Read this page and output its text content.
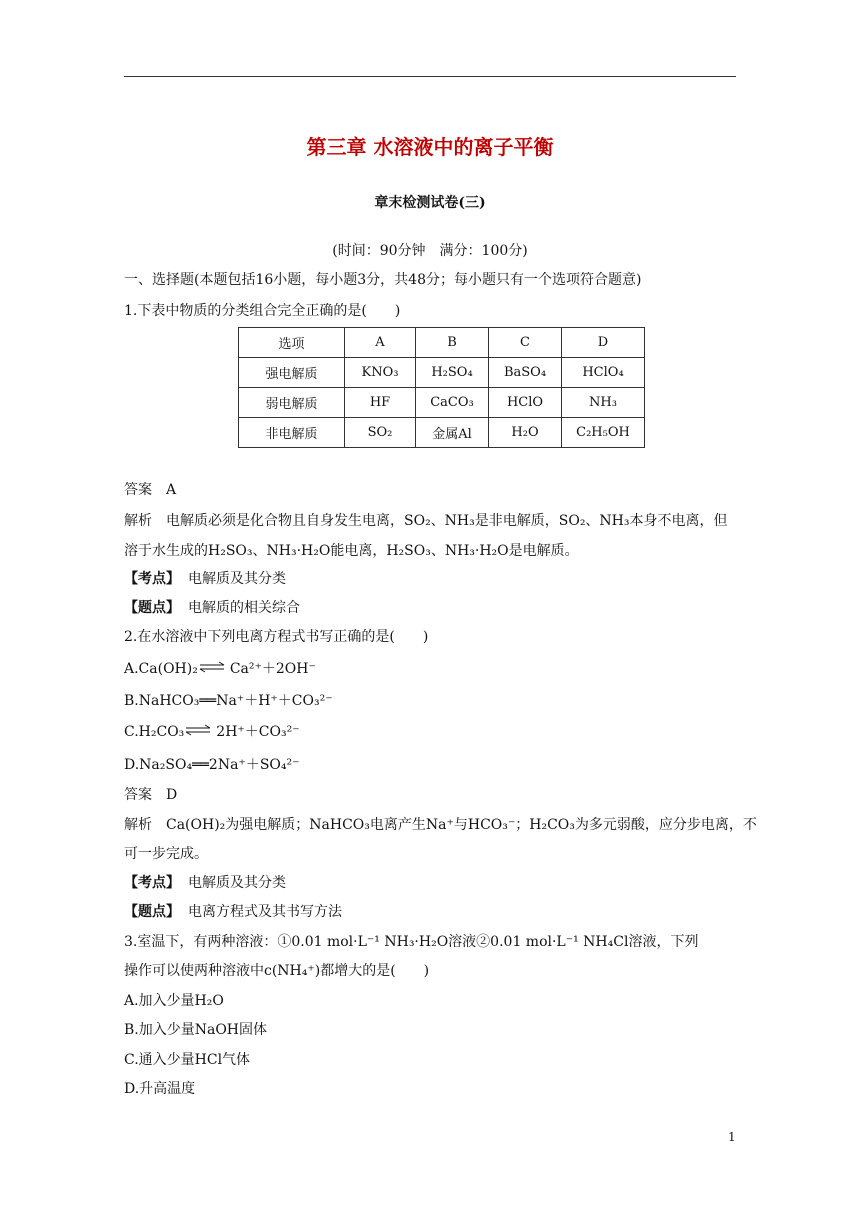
第三章 水溶液中的离子平衡
章末检测试卷(三)
(时间：90分钟　满分：100分)
一、选择题(本题包括16小题，每小题3分，共48分；每小题只有一个选项符合题意)
1.下表中物质的分类组合完全正确的是(　　)
选项	A	B	C	D
强电解质	KNO₃	H₂SO₄	BaSO₄	HClO₄
弱电解质	HF	CaCO₃	HClO	NH₃
非电解质	SO₂	金属Al	H₂O	C₂H₅OH
答案 A
解析 电解质必须是化合物且自身发生电离，SO₂、NH₃是非电解质，SO₂、NH₃本身不电离，但
溶于水生成的H₂SO₃、NH₃·H₂O能电离，H₂SO₃、NH₃·H₂O是电解质。
【考点】 电解质及其分类
【题点】 电解质的相关综合
2.在水溶液中下列电离方程式书写正确的是(　　)
A.Ca(OH)₂⇌Ca²⁺＋2OH⁻
B.NaHCO₃══Na⁺＋H⁺＋CO₃²⁻
C.H₂CO₃⇌2H⁺＋CO₃²⁻
D.Na₂SO₄══2Na⁺＋SO₄²⁻
答案 D
解析 Ca(OH)₂为强电解质；NaHCO₃电离产生Na⁺与HCO₃⁻；H₂CO₃为多元弱酸，应分步电离，不
可一步完成。
【考点】 电解质及其分类
【题点】 电离方程式及其书写方法
3.室温下，有两种溶液：①0.01 mol·L⁻¹ NH₃·H₂O溶液②0.01 mol·L⁻¹ NH₄Cl溶液，下列
操作可以使两种溶液中c(NH₄⁺)都增大的是(　　)
A.加入少量H₂O
B.加入少量NaOH固体
C.通入少量HCl气体
D.升高温度
1
